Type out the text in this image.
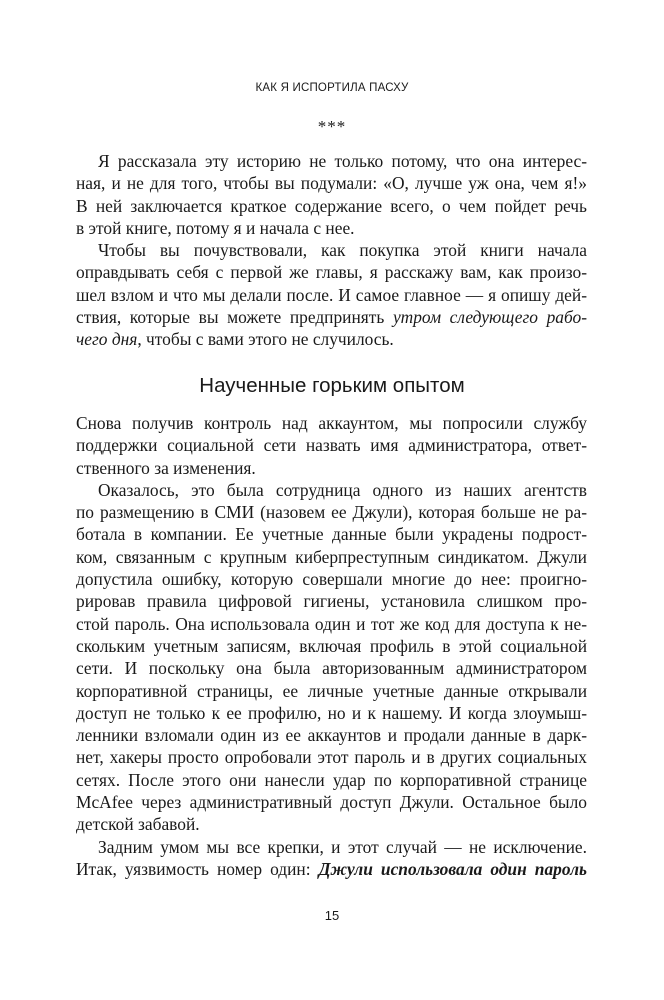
КАК Я ИСПОРТИЛА ПАСХУ
***
Я рассказала эту историю не только потому, что она интерес-
ная, и не для того, чтобы вы подумали: «О, лучше уж она, чем я!»
В ней заключается краткое содержание всего, о чем пойдет речь
в этой книге, потому я и начала с нее.
Чтобы вы почувствовали, как покупка этой книги начала
оправдывать себя с первой же главы, я расскажу вам, как произо-
шел взлом и что мы делали после. И самое главное — я опишу дей-
ствия, которые вы можете предпринять утром следующего рабо-
чего дня, чтобы с вами этого не случилось.
Наученные горьким опытом
Снова получив контроль над аккаунтом, мы попросили службу
поддержки социальной сети назвать имя администратора, ответ-
ственного за изменения.
Оказалось, это была сотрудница одного из наших агентств
по размещению в СМИ (назовем ее Джули), которая больше не ра-
ботала в компании. Ее учетные данные были украдены подрост-
ком, связанным с крупным киберпреступным синдикатом. Джули
допустила ошибку, которую совершали многие до нее: проигно-
рировав правила цифровой гигиены, установила слишком про-
стой пароль. Она использовала один и тот же код для доступа к не-
скольким учетным записям, включая профиль в этой социальной
сети. И поскольку она была авторизованным администратором
корпоративной страницы, ее личные учетные данные открывали
доступ не только к ее профилю, но и к нашему. И когда злоумыш-
ленники взломали один из ее аккаунтов и продали данные в дарк-
нет, хакеры просто опробовали этот пароль и в других социальных
сетях. После этого они нанесли удар по корпоративной странице
McAfee через административный доступ Джули. Остальное было
детской забавой.
Задним умом мы все крепки, и этот случай — не исключение.
Итак, уязвимость номер один: Джули использовала один пароль
15
